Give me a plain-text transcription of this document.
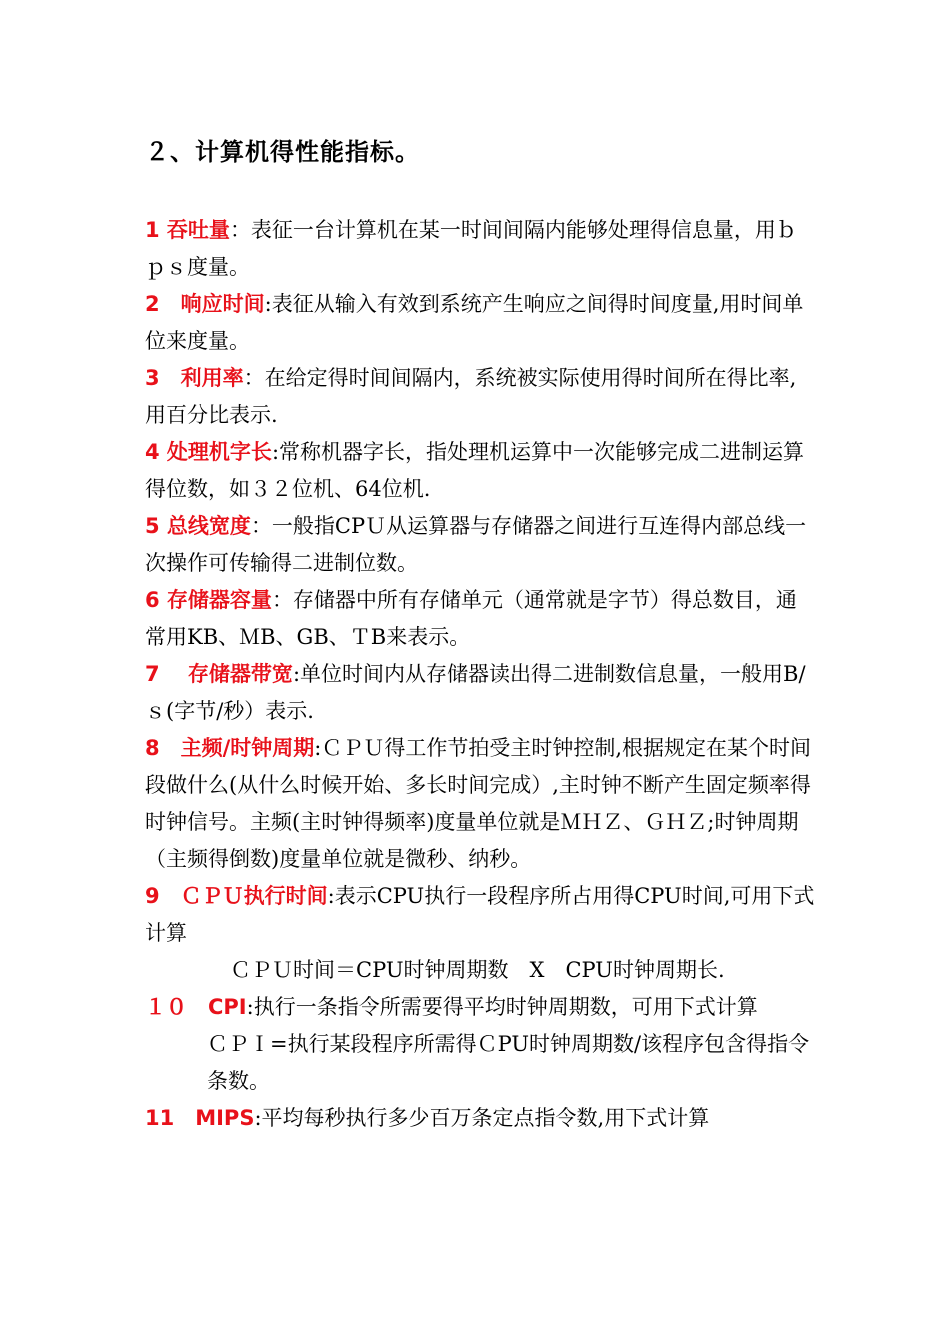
２、计算机得性能指标。

1 吞吐量：表征一台计算机在某一时间间隔内能够处理得信息量，用ｂｐｓ度量。

2　响应时间:表征从输入有效到系统产生响应之间得时间度量,用时间单位来度量。

3　利用率：在给定得时间间隔内，系统被实际使用得时间所在得比率,用百分比表示.

4 处理机字长:常称机器字长，指处理机运算中一次能够完成二进制运算得位数，如３２位机、64位机.

5 总线宽度：一般指CPＵ从运算器与存储器之间进行互连得内部总线一次操作可传输得二进制位数。

6 存储器容量：存储器中所有存储单元（通常就是字节）得总数目，通常用KB、ＭB、GB、ＴB来表示。

7　 存储器带宽:单位时间内从存储器读出得二进制数信息量，一般用B/ｓ(字节/秒）表示.

8　主频/时钟周期:ＣＰＵ得工作节拍受主时钟控制,根据规定在某个时间段做什么(从什么时候开始、多长时间完成）,主时钟不断产生固定频率得时钟信号。主频(主时钟得频率)度量单位就是ＭＨＺ、ＧＨＺ;时钟周期（主频得倒数)度量单位就是微秒、纳秒。

9　ＣＰＵ执行时间:表示CPU执行一段程序所占用得CPU时间,可用下式计算

ＣＰＵ时间＝CPU时钟周期数　X　CPU时钟周期长.

１０　CPI:执行一条指令所需要得平均时钟周期数，可用下式计算

ＣＰＩ=执行某段程序所需得ＣPU时钟周期数/该程序包含得指令条数。

11　MIPS:平均每秒执行多少百万条定点指令数,用下式计算
